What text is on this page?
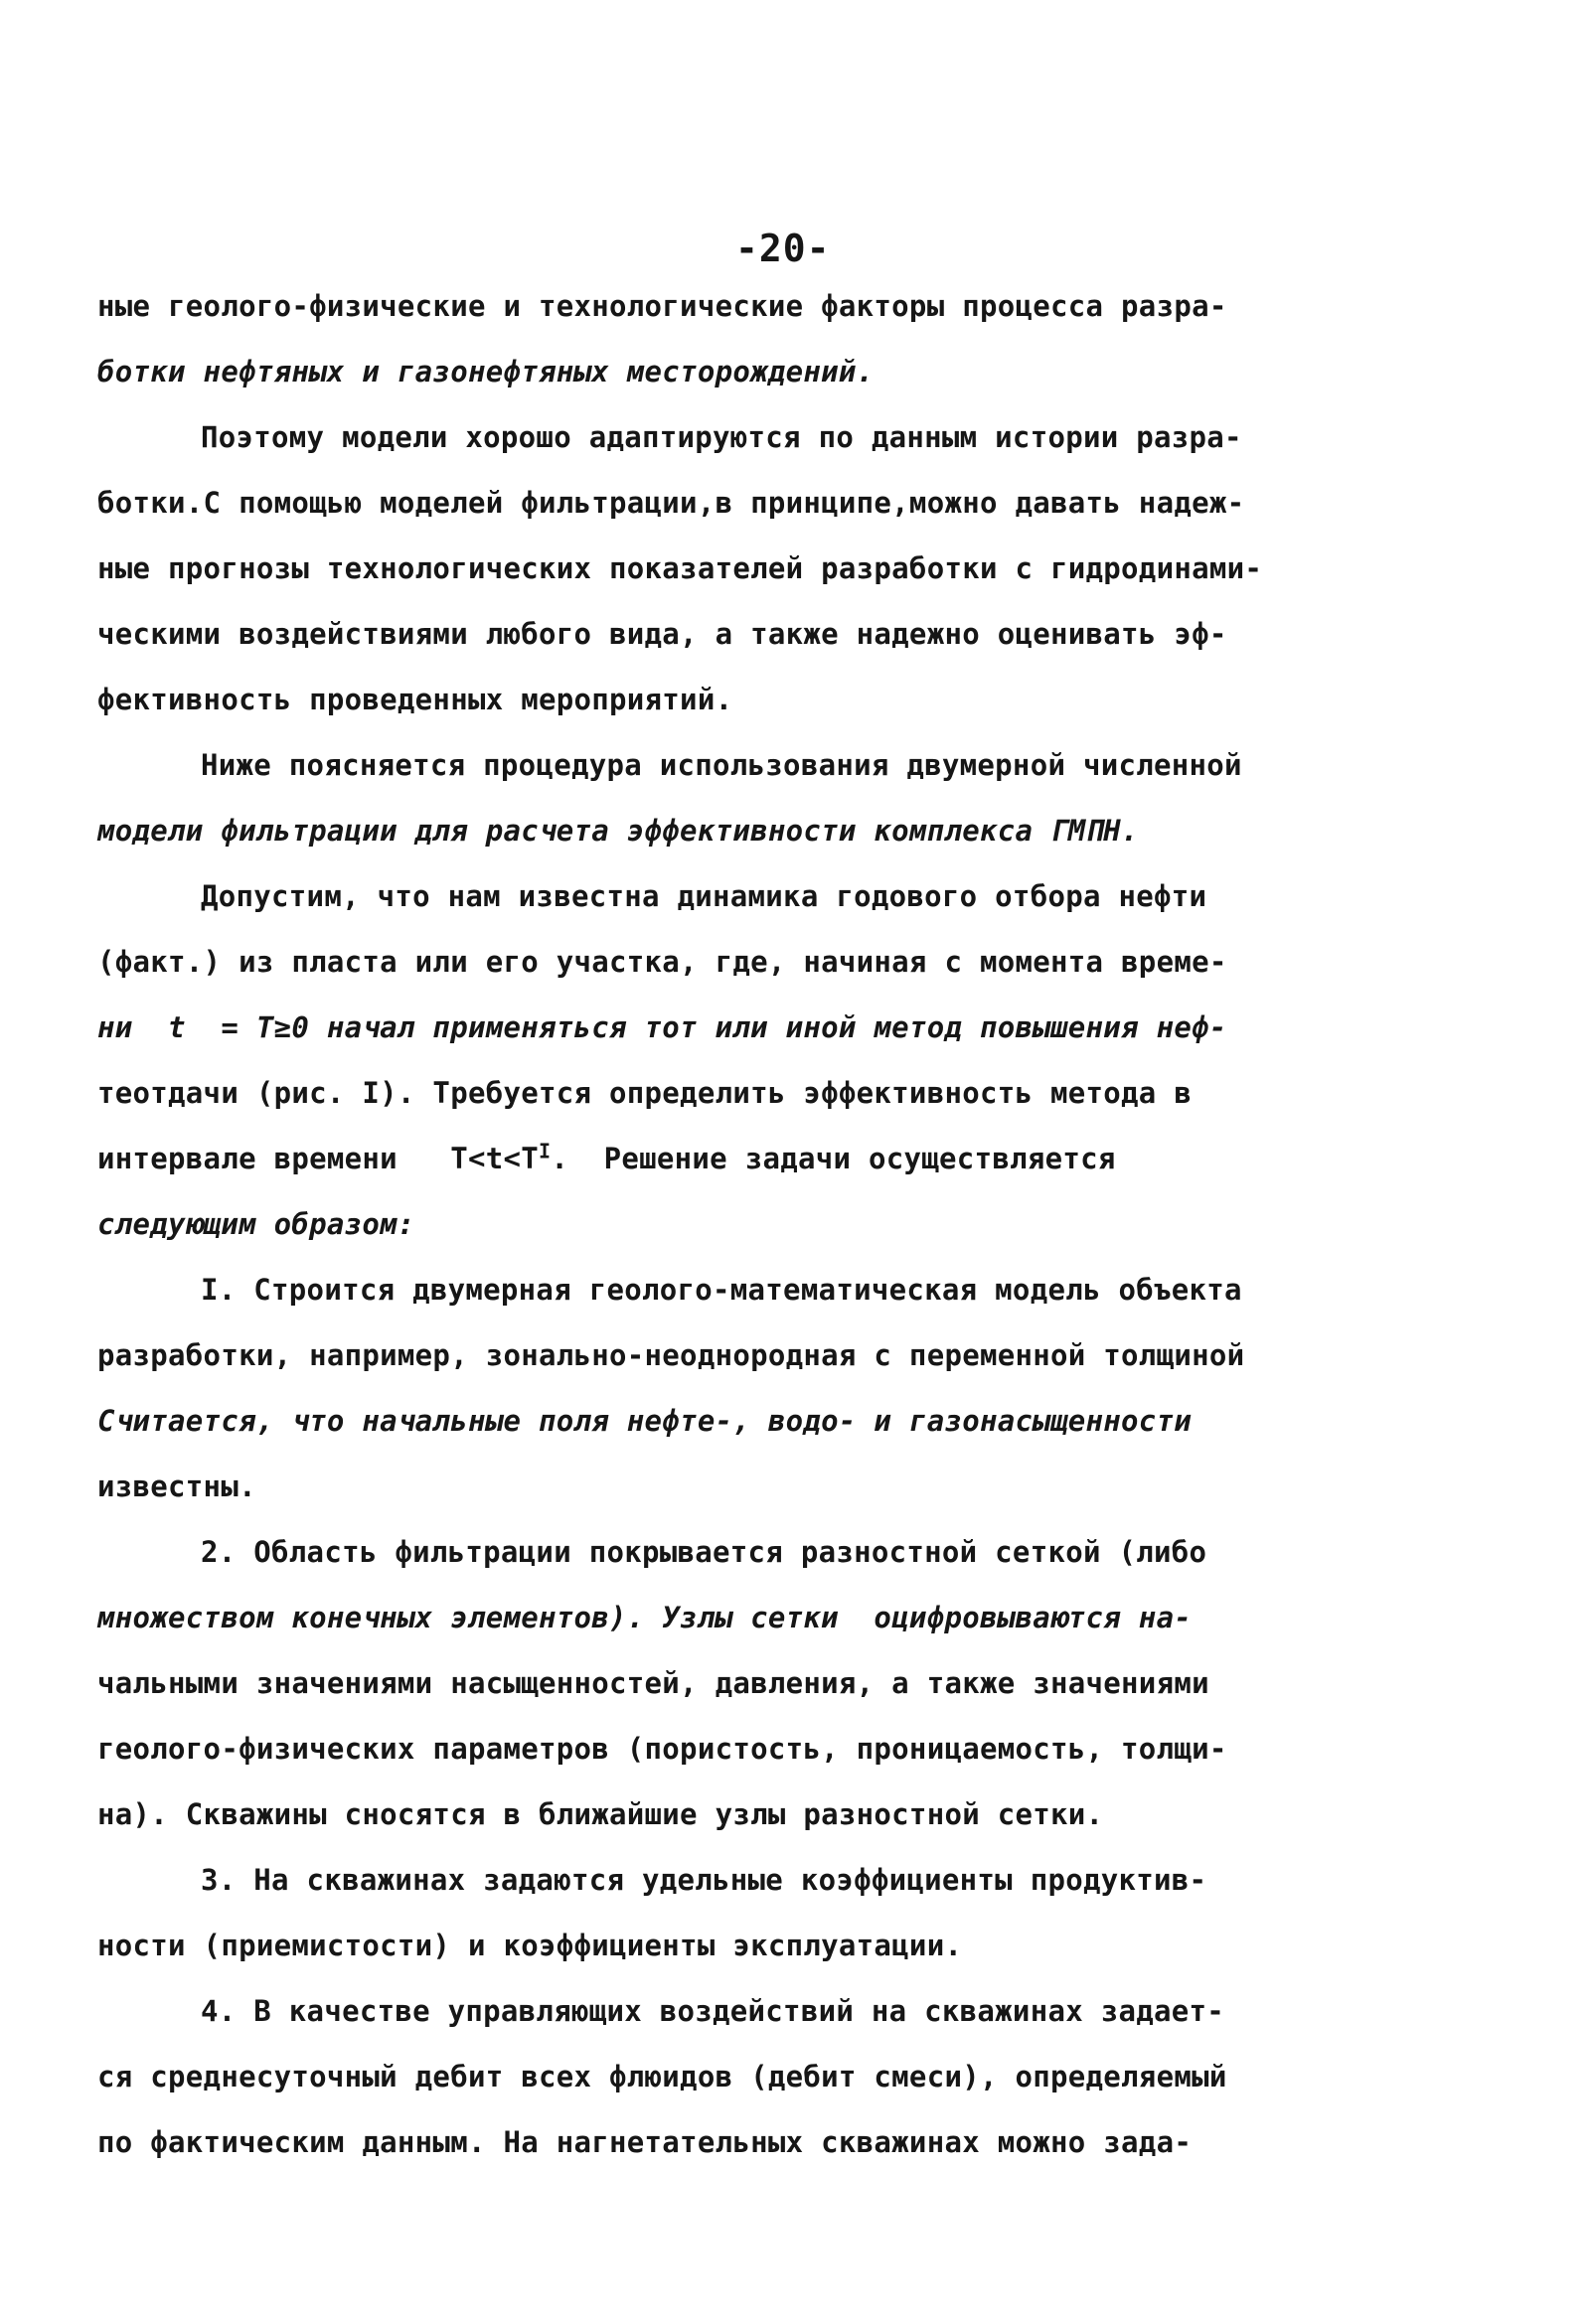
-20-
ные геолого-физические и технологические факторы процесса разра-
ботки нефтяных и газонефтяных месторождений.
Поэтому модели хорошо адаптируются по данным истории разра-
ботки.С помощью моделей фильтрации,в принципе,можно давать надеж-
ные прогнозы технологических показателей разработки с гидродинами-
ческими воздействиями любого вида, а также надежно оценивать эф-
фективность проведенных мероприятий.
Ниже поясняется процедура использования двумерной численной
модели фильтрации для расчета эффективности комплекса ГМПН.
Допустим, что нам известна динамика годового отбора нефти
(факт.) из пласта или его участка, где, начиная с момента време-
ни  t  = T≥0 начал применяться тот или иной метод повышения неф-
теотдачи (рис. I). Требуется определить эффективность метода в
интервале времени   $T<t<T^I$.  Решение задачи осуществляется
следующим образом:
I. Строится двумерная геолого-математическая модель объекта
разработки, например, зонально-неоднородная с переменной толщиной
Считается, что начальные поля нефте-, водо- и газонасыщенности
известны.
2. Область фильтрации покрывается разностной сеткой (либо
множеством конечных элементов). Узлы сетки  оцифровываются на-
чальными значениями насыщенностей, давления, а также значениями
геолого-физических параметров (пористость, проницаемость, толщи-
на). Скважины сносятся в ближайшие узлы разностной сетки.
3. На скважинах задаются удельные коэффициенты продуктив-
ности (приемистости) и коэффициенты эксплуатации.
4. В качестве управляющих воздействий на скважинах задает-
ся среднесуточный дебит всех флюидов (дебит смеси), определяемый
по фактическим данным. На нагнетательных скважинах можно зада-
